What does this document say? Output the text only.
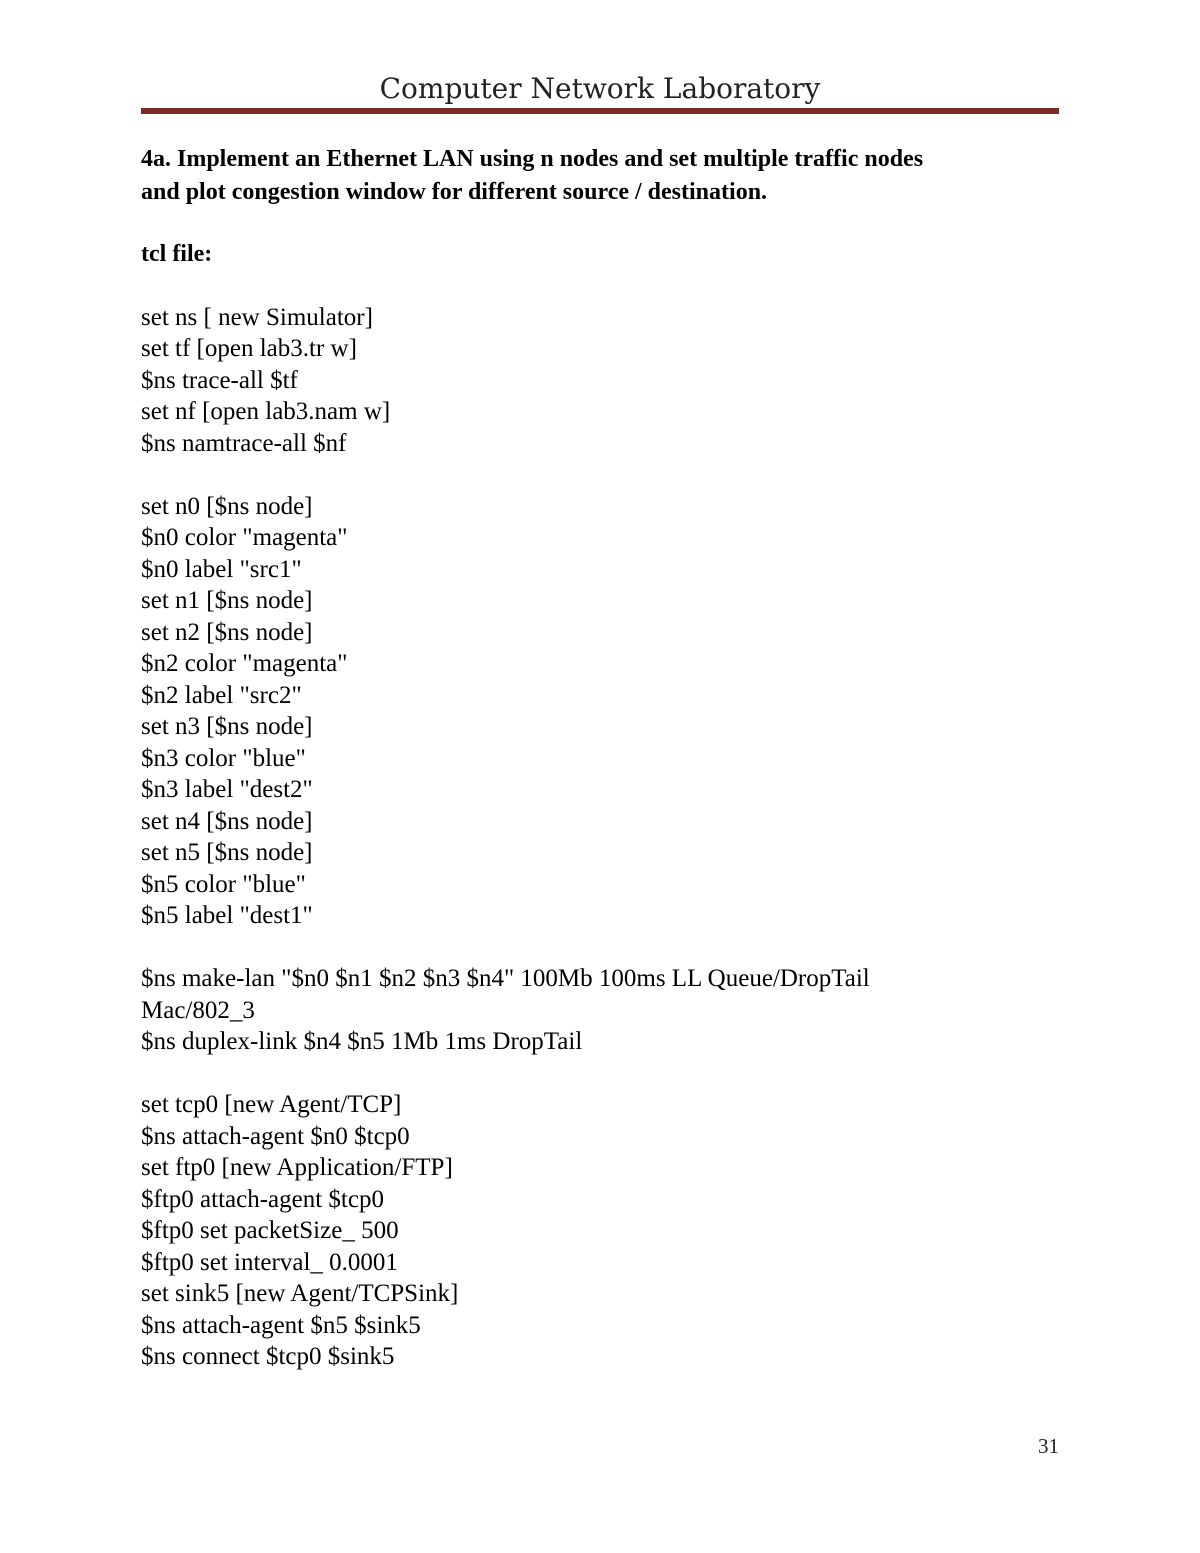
Computer Network Laboratory

4a. Implement an Ethernet LAN using n nodes and set multiple traffic nodes
and plot congestion window for different source / destination.

tcl file:

set ns [ new Simulator]
set tf [open lab3.tr w]
$ns trace-all $tf
set nf [open lab3.nam w]
$ns namtrace-all $nf
set n0 [$ns node]
$n0 color "magenta"
$n0 label "src1"
set n1 [$ns node]
set n2 [$ns node]
$n2 color "magenta"
$n2 label "src2"
set n3 [$ns node]
$n3 color "blue"
$n3 label "dest2"
set n4 [$ns node]
set n5 [$ns node]
$n5 color "blue"
$n5 label "dest1"
$ns make-lan "$n0 $n1 $n2 $n3 $n4" 100Mb 100ms LL Queue/DropTail
Mac/802_3
$ns duplex-link $n4 $n5 1Mb 1ms DropTail
set tcp0 [new Agent/TCP]
$ns attach-agent $n0 $tcp0
set ftp0 [new Application/FTP]
$ftp0 attach-agent $tcp0
$ftp0 set packetSize_ 500
$ftp0 set interval_ 0.0001
set sink5 [new Agent/TCPSink]
$ns attach-agent $n5 $sink5
$ns connect $tcp0 $sink5
31
